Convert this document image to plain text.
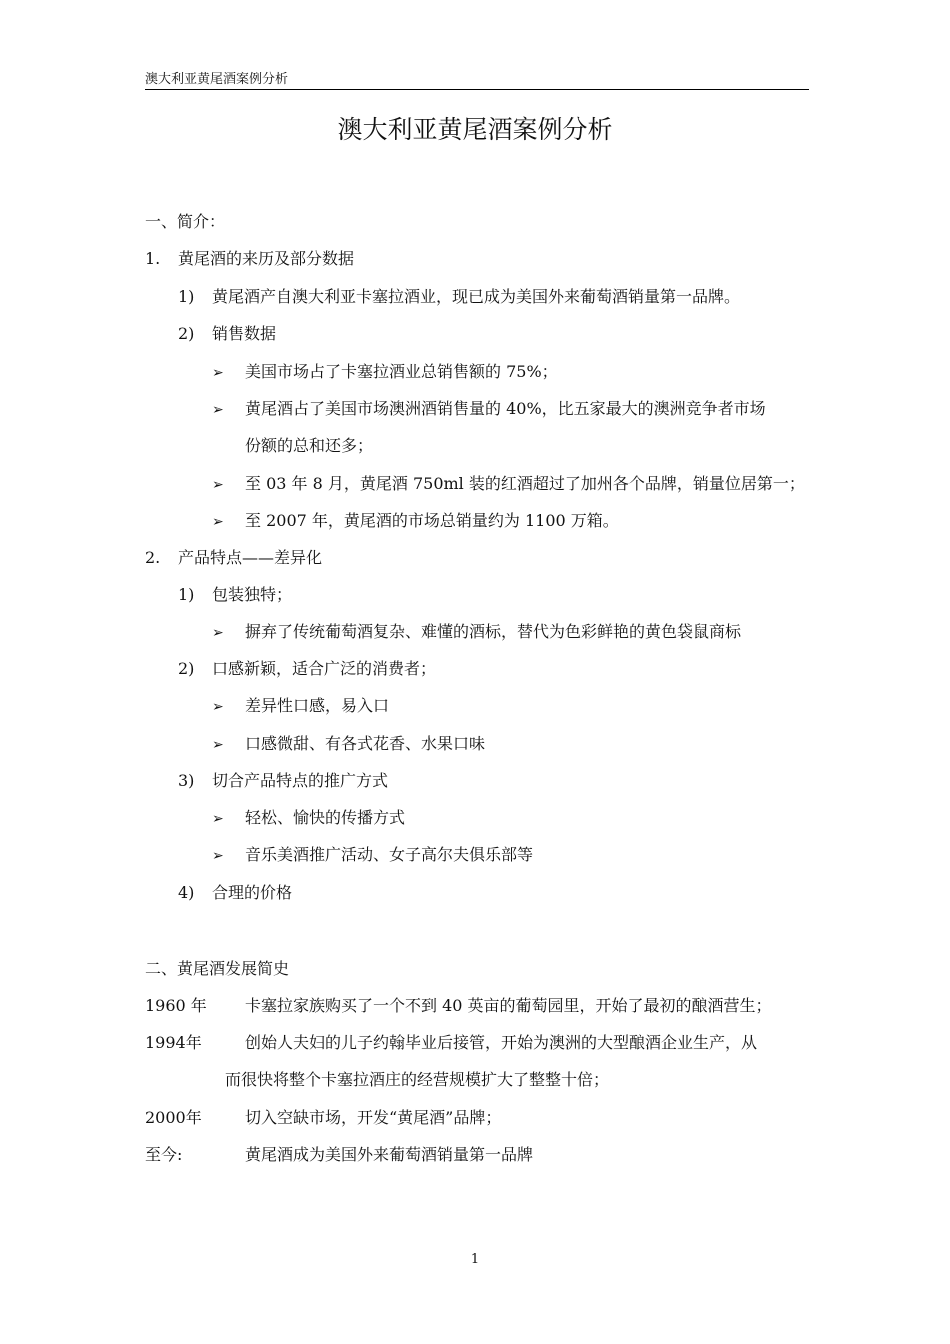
澳大利亚黄尾酒案例分析
澳大利亚黄尾酒案例分析
一、简介：
1.	黄尾酒的来历及部分数据
1)	黄尾酒产自澳大利亚卡塞拉酒业，现已成为美国外来葡萄酒销量第一品牌。
2)	销售数据
➢ 美国市场占了卡塞拉酒业总销售额的 75%；
➢ 黄尾酒占了美国市场澳洲酒销售量的 40%，比五家最大的澳洲竞争者市场
份额的总和还多；
➢ 至 03 年 8 月，黄尾酒 750ml 装的红酒超过了加州各个品牌，销量位居第一；
➢ 至 2007 年，黄尾酒的市场总销量约为 1100 万箱。
2.	产品特点——差异化
1)	包装独特；
➢ 摒弃了传统葡萄酒复杂、难懂的酒标，替代为色彩鲜艳的黄色袋鼠商标
2)	口感新颖，适合广泛的消费者；
➢ 差异性口感，易入口
➢ 口感微甜、有各式花香、水果口味
3)	切合产品特点的推广方式
➢ 轻松、愉快的传播方式
➢ 音乐美酒推广活动、女子高尔夫俱乐部等
4)	合理的价格
二、黄尾酒发展简史
1960 年 卡塞拉家族购买了一个不到 40 英亩的葡萄园里，开始了最初的酿酒营生；
1994年	创始人夫妇的儿子约翰毕业后接管，开始为澳洲的大型酿酒企业生产，从
而很快将整个卡塞拉酒庄的经营规模扩大了整整十倍；
2000年	切入空缺市场，开发“黄尾酒”品牌；
至今:	黄尾酒成为美国外来葡萄酒销量第一品牌
1
